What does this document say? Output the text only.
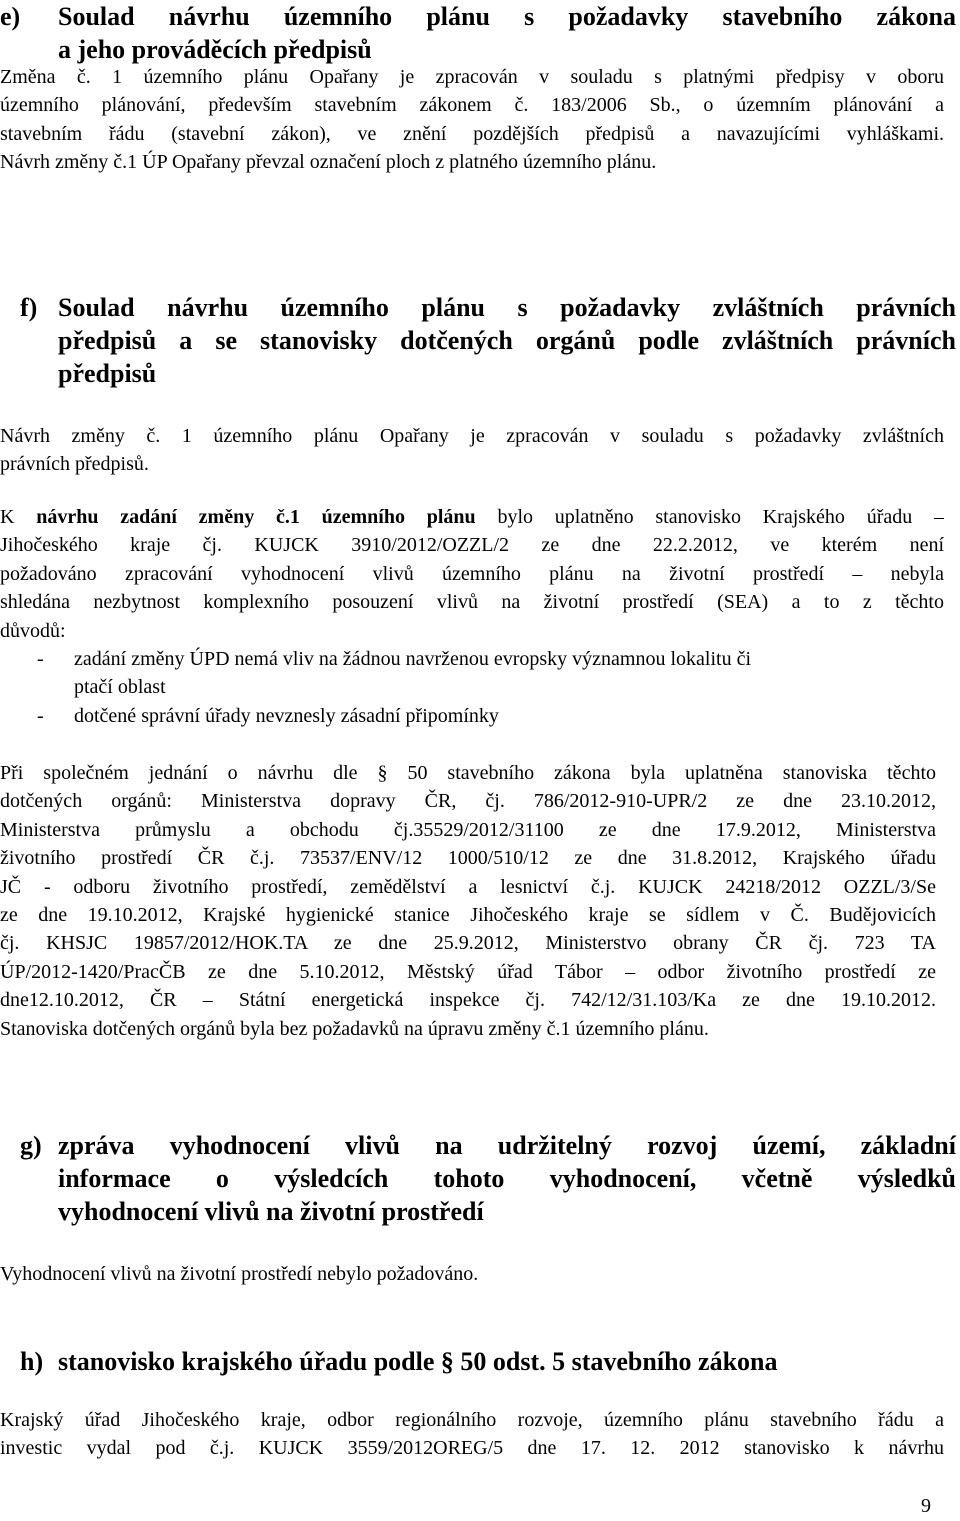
e)	Soulad návrhu územního plánu s požadavky stavebního zákona
a jeho prováděcích předpisů
Změna č. 1 územního plánu Opařany je zpracován v souladu s platnými předpisy v oboru
územního plánování, především stavebním zákonem č. 183/2006 Sb., o územním plánování a
stavebním řádu (stavební zákon), ve znění pozdějších předpisů a navazujícími vyhláškami.
Návrh změny č.1 ÚP Opařany převzal označení ploch z platného územního plánu.
f) Soulad návrhu územního plánu s požadavky zvláštních právních
předpisů a se stanovisky dotčených orgánů podle zvláštních právních
předpisů
Návrh změny č. 1 územního plánu Opařany je zpracován v souladu s požadavky zvláštních
právních předpisů.
K návrhu zadání změny č.1 územního plánu bylo uplatněno stanovisko Krajského úřadu –
Jihočeského kraje čj. KUJCK 3910/2012/OZZL/2 ze dne 22.2.2012, ve kterém není
požadováno zpracování vyhodnocení vlivů územního plánu na životní prostředí – nebyla
shledána nezbytnost komplexního posouzení vlivů na životní prostředí (SEA) a to z těchto
důvodů:
- zadání změny ÚPD nemá vliv na žádnou navrženou evropsky významnou lokalitu či
ptačí oblast
- dotčené správní úřady nevznesly zásadní připomínky
Při společném jednání o návrhu dle § 50 stavebního zákona byla uplatněna stanoviska těchto
dotčených orgánů: Ministerstva dopravy ČR, čj. 786/2012-910-UPR/2 ze dne 23.10.2012,
Ministerstva průmyslu a obchodu čj.35529/2012/31100 ze dne 17.9.2012, Ministerstva
životního prostředí ČR č.j. 73537/ENV/12 1000/510/12 ze dne 31.8.2012, Krajského úřadu
JČ - odboru životního prostředí, zemědělství a lesnictví č.j. KUJCK 24218/2012 OZZL/3/Se
ze dne 19.10.2012, Krajské hygienické stanice Jihočeského kraje se sídlem v Č. Budějovicích
čj. KHSJC 19857/2012/HOK.TA ze dne 25.9.2012, Ministerstvo obrany ČR čj. 723 TA
ÚP/2012-1420/PracČB ze dne 5.10.2012, Městský úřad Tábor – odbor životního prostředí ze
dne12.10.2012, ČR – Státní energetická inspekce čj. 742/12/31.103/Ka ze dne 19.10.2012.
Stanoviska dotčených orgánů byla bez požadavků na úpravu změny č.1 územního plánu.
g) zpráva vyhodnocení vlivů na udržitelný rozvoj území, základní
informace o výsledcích tohoto vyhodnocení, včetně výsledků
vyhodnocení vlivů na životní prostředí
Vyhodnocení vlivů na životní prostředí nebylo požadováno.
h) stanovisko krajského úřadu podle § 50 odst. 5 stavebního zákona
Krajský úřad Jihočeského kraje, odbor regionálního rozvoje, územního plánu stavebního řádu a
investic vydal pod č.j. KUJCK 3559/2012OREG/5 dne 17. 12. 2012 stanovisko k návrhu
9
